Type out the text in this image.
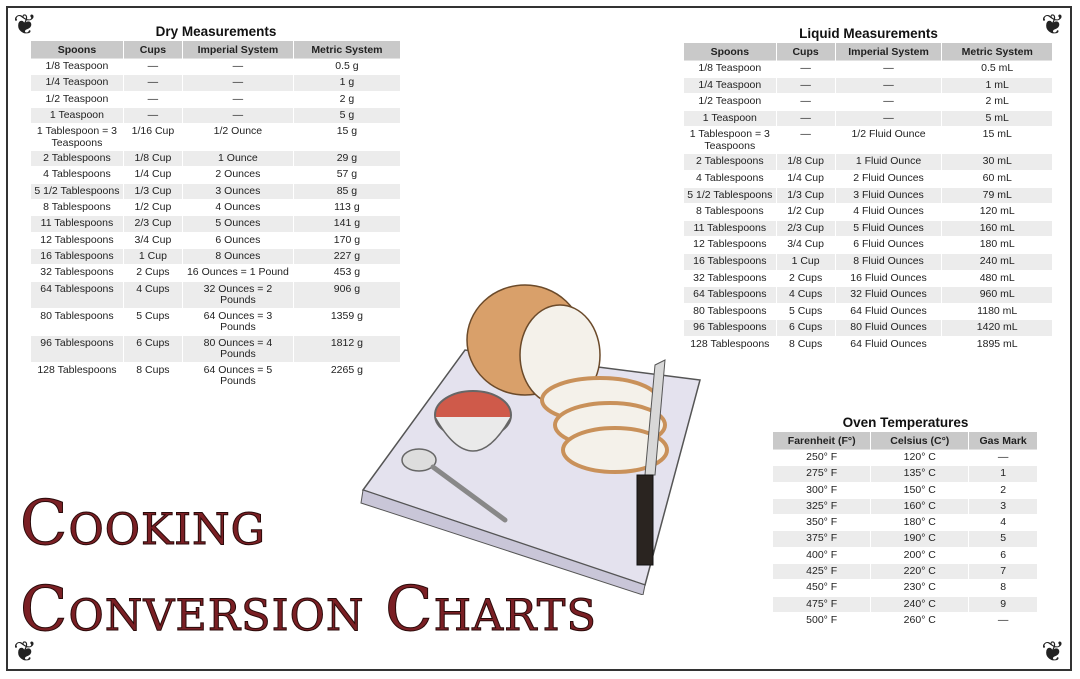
❦	❦
❦	❦
Dry Measurements
Spoons	Cups	Imperial System	Metric System
1/8 Teaspoon	—	—	0.5 g
1/4 Teaspoon	—	—	1 g
1/2 Teaspoon	—	—	2 g
1 Teaspoon	—	—	5 g
1 Tablespoon = 3 Teaspoons	1/16 Cup	1/2 Ounce	15 g
2 Tablespoons	1/8 Cup	1 Ounce	29 g
4 Tablespoons	1/4 Cup	2 Ounces	57 g
5 1/2 Tablespoons	1/3 Cup	3 Ounces	85 g
8 Tablespoons	1/2 Cup	4 Ounces	113 g
11 Tablespoons	2/3 Cup	5 Ounces	141 g
12 Tablespoons	3/4 Cup	6 Ounces	170 g
16 Tablespoons	1 Cup	8 Ounces	227 g
32 Tablespoons	2 Cups	16 Ounces = 1 Pound	453 g
64 Tablespoons	4 Cups	32 Ounces = 2 Pounds	906 g
80 Tablespoons	5 Cups	64 Ounces = 3 Pounds	1359 g
96 Tablespoons	6 Cups	80 Ounces = 4 Pounds	1812 g
128 Tablespoons	8 Cups	64 Ounces = 5 Pounds	2265 g
Liquid Measurements
Spoons	Cups	Imperial System	Metric System
1/8 Teaspoon	—	—	0.5 mL
1/4 Teaspoon	—	—	1 mL
1/2 Teaspoon	—	—	2 mL
1 Teaspoon	—	—	5 mL
1 Tablespoon = 3 Teaspoons	—	1/2 Fluid Ounce	15 mL
2 Tablespoons	1/8 Cup	1 Fluid Ounce	30 mL
4 Tablespoons	1/4 Cup	2 Fluid Ounces	60 mL
5 1/2 Tablespoons	1/3 Cup	3 Fluid Ounces	79 mL
8 Tablespoons	1/2 Cup	4 Fluid Ounces	120 mL
11 Tablespoons	2/3 Cup	5 Fluid Ounces	160 mL
12 Tablespoons	3/4 Cup	6 Fluid Ounces	180 mL
16 Tablespoons	1 Cup	8 Fluid Ounces	240 mL
32 Tablespoons	2 Cups	16 Fluid Ounces	480 mL
64 Tablespoons	4 Cups	32 Fluid Ounces	960 mL
80 Tablespoons	5 Cups	64 Fluid Ounces	1180 mL
96 Tablespoons	6 Cups	80 Fluid Ounces	1420 mL
128 Tablespoons	8 Cups	64 Fluid Ounces	1895 mL
Oven Temperatures
Farenheit (F°)	Celsius (C°)	Gas Mark
250° F	120° C	—
275° F	135° C	1
300° F	150° C	2
325° F	160° C	3
350° F	180° C	4
375° F	190° C	5
400° F	200° C	6
425° F	220° C	7
450° F	230° C	8
475° F	240° C	9
500° F	260° C	—
Cooking
Conversion Charts
